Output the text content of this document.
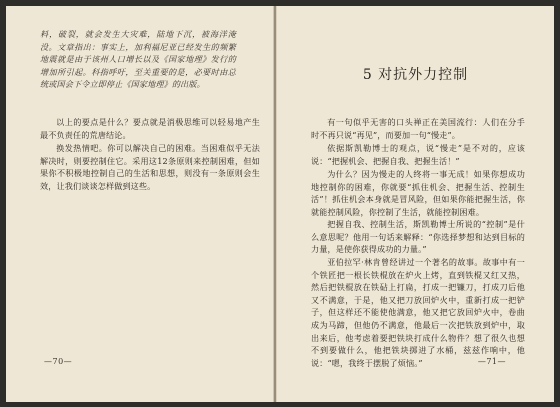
料，破裂，就会发生大灾难，陆地下沉，被海洋淹没。文章指出：事实上，加利福尼亚已经发生的频繁地震就是由于该州人口增长以及《国家地理》发行的增加所引起。科指呼吁，至关重要的是，必要时由总统或国会下令立即停止《国家地理》的出版。

以上的要点是什么？要点就是消极思维可以轻易地产生最不负责任的荒唐结论。

换发热情吧。你可以解决自己的困难。当困难似乎无法解决时，则要控制住它。采用这12条原则来控制困难，但如果你不积极地控制自己的生活和思想，则没有一条原则会生效，让我们谈谈怎样做到这些。

—70—
5 对抗外力控制

有一句似乎无害的口头禅正在美国流行：人们在分手时不再只说“再见”，而要加一句“慢走”。

依据斯凯勒博士的观点，说“慢走”是不对的，应该说：“把握机会、把握自我、把握生活！”

为什么？因为慢走的人终将一事无成！如果你想成功地控制你的困难，你就要“抓住机会、把握生活、控制生活”！抓住机会本身就是冒风险，但如果你能把握生活，你就能控制风险，你控制了生活，就能控制困难。

把握自我、控制生活，斯凯勒博士所说的“控制”是什么意思呢？他用一句话来解释：“你选择梦想和达到目标的力量，是使你获得成功的力量。”

亚伯拉罕·林肯曾经讲过一个著名的故事。故事中有一个铁匠把一根长铁棍放在炉火上烤，直到铁棍又红又热，然后把铁棍放在铁砧上打扁，打成一把镰刀，打成刀后他又不满意，于是，他又把刀放回炉火中，重新打成一把铲子，但这样还不能使他满意，他又把它放回炉火中，卷曲成为马蹄，但他仍不满意，他最后一次把铁放到炉中，取出来后，他考虑着要把铁块打成什么物件？想了很久也想不到要做什么，他把铁块掷进了水桶，兹兹作响中，他说：“嗯，我终于摆脱了烦恼。”	—71—
